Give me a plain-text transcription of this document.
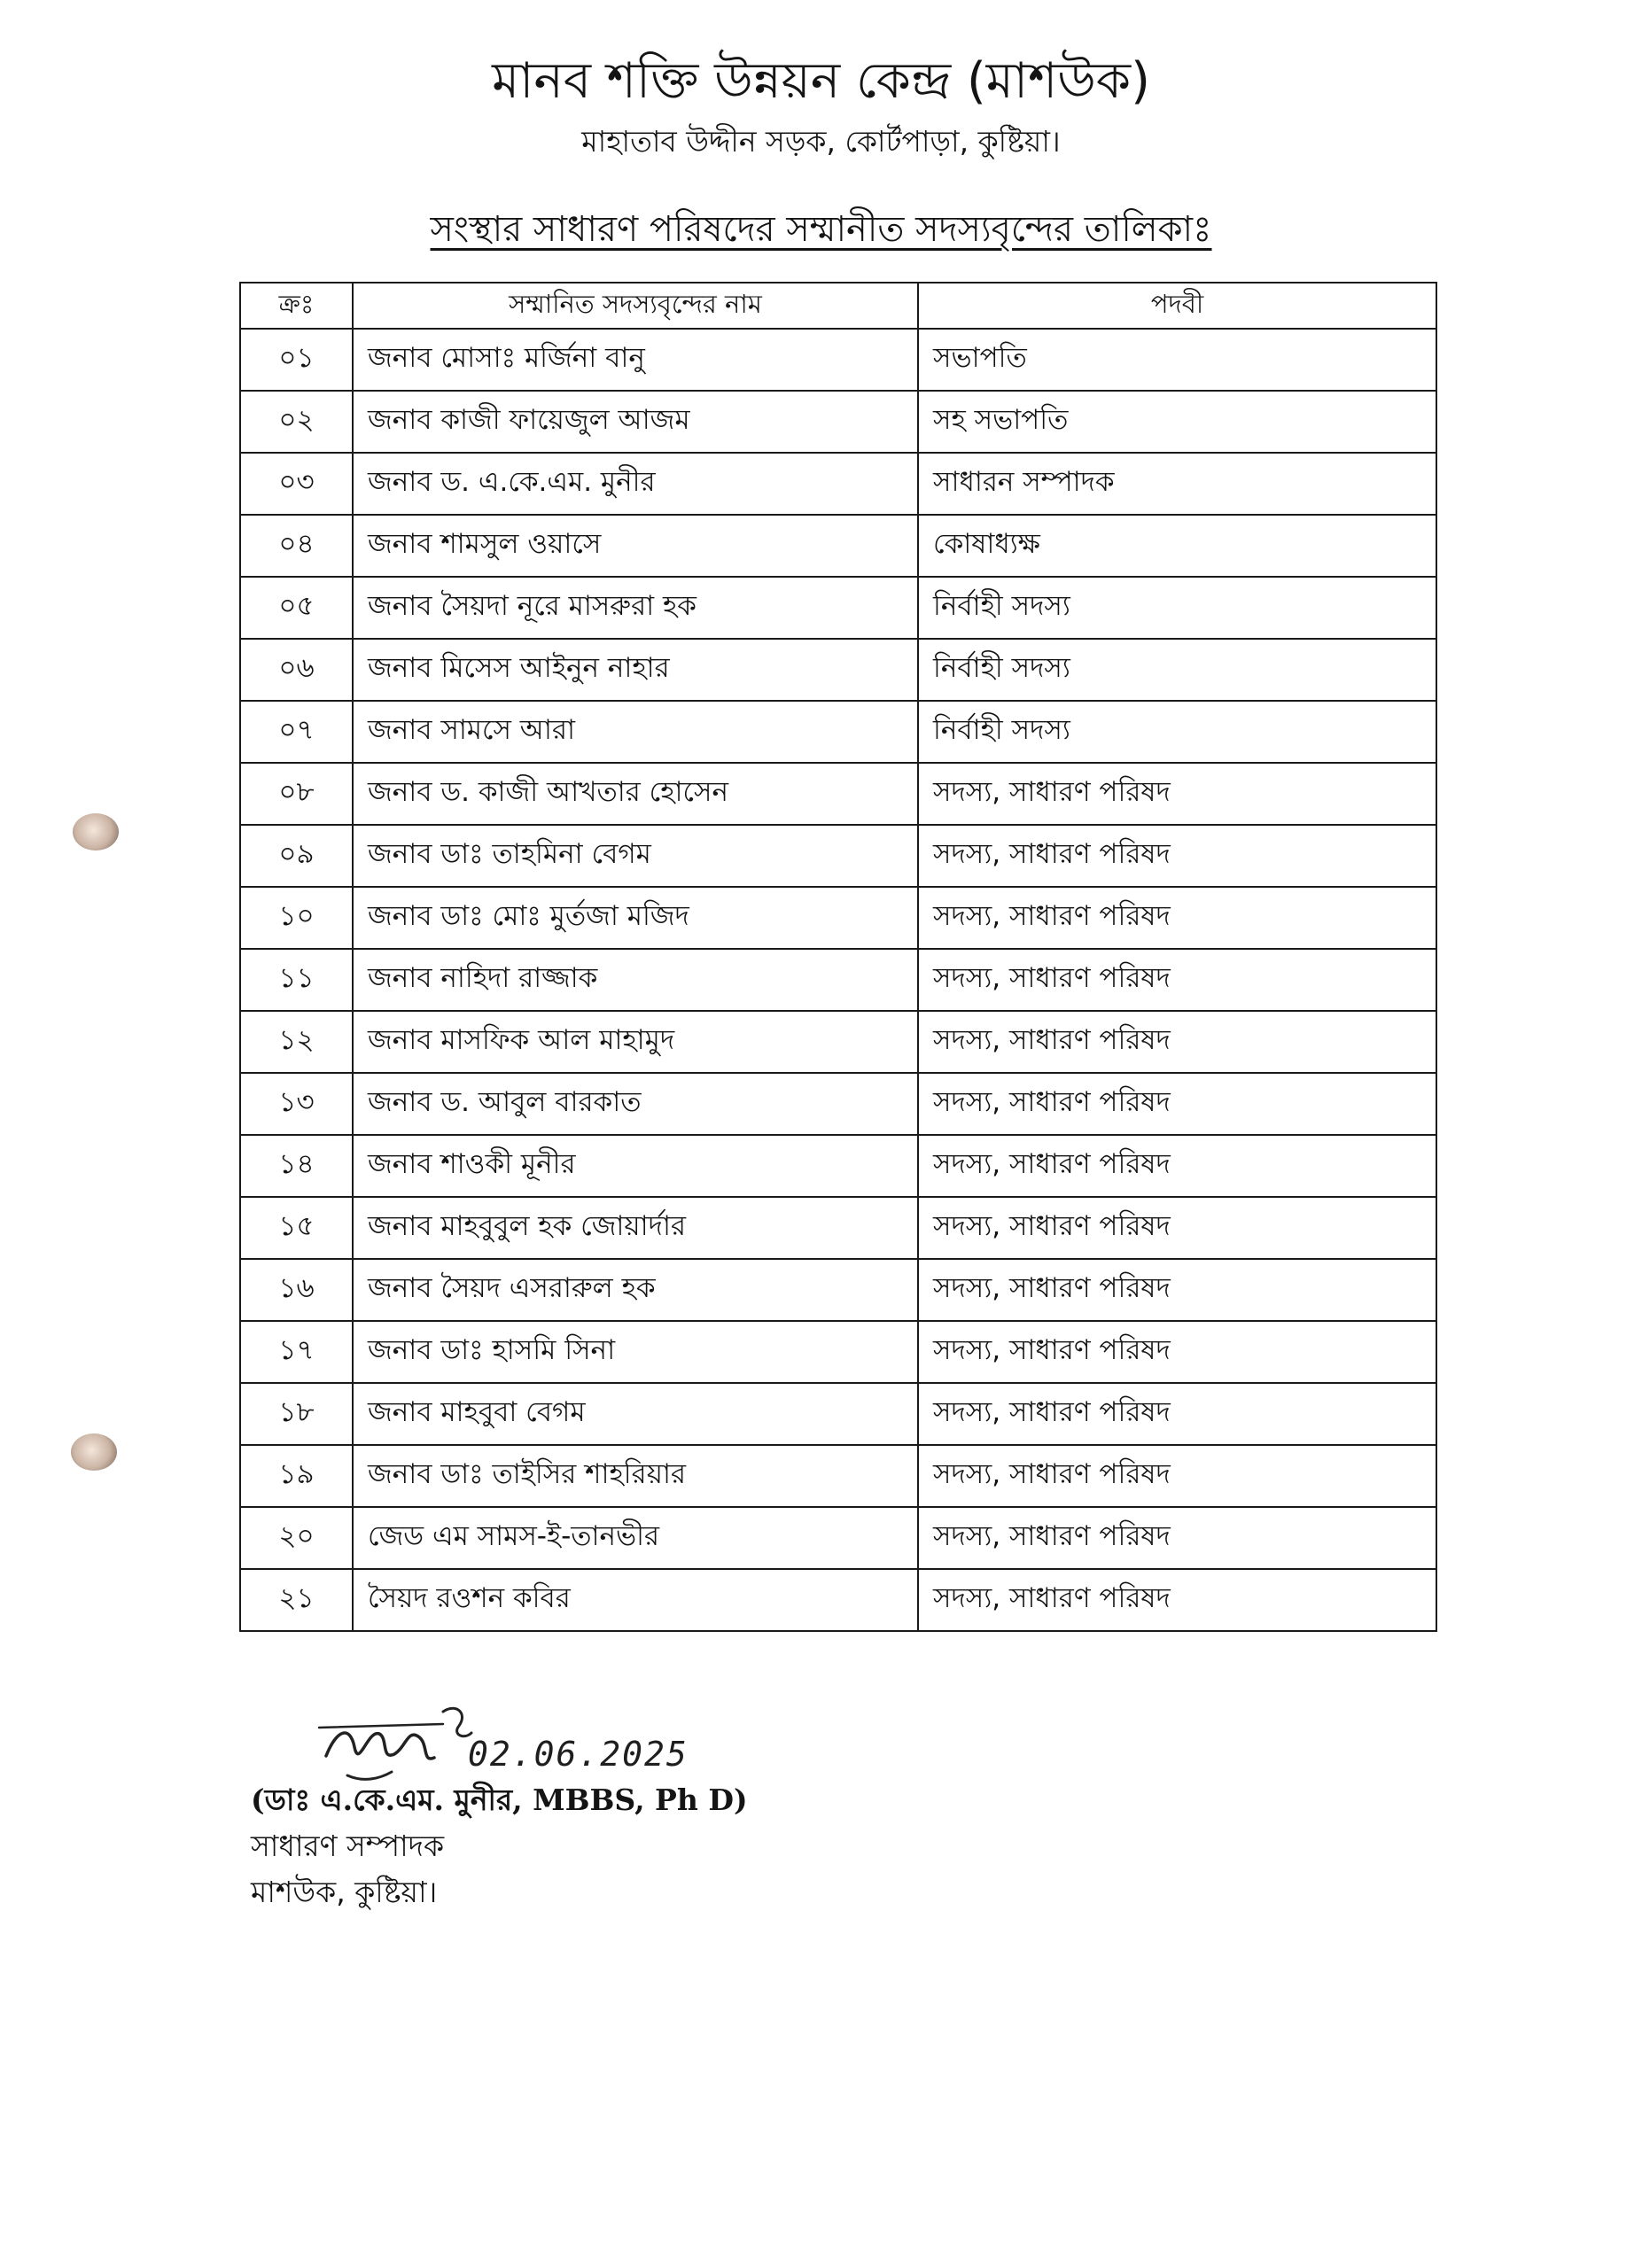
মানব শক্তি উন্নয়ন কেন্দ্র (মাশউক)

মাহাতাব উদ্দীন সড়ক, কোর্টপাড়া, কুষ্টিয়া।

সংস্থার সাধারণ পরিষদের সম্মানীত সদস্যবৃন্দের তালিকাঃ
ক্রঃ	সম্মানিত সদস্যবৃন্দের নাম	পদবী
০১	জনাব মোসাঃ মর্জিনা বানু	সভাপতি
০২	জনাব কাজী ফায়েজুল আজম	সহ সভাপতি
০৩	জনাব ড. এ.কে.এম. মুনীর	সাধারন সম্পাদক
০৪	জনাব শামসুল ওয়াসে	কোষাধ্যক্ষ
০৫	জনাব সৈয়দা নূরে মাসরুরা হক	নির্বাহী সদস্য
০৬	জনাব মিসেস আইনুন নাহার	নির্বাহী সদস্য
০৭	জনাব সামসে আরা	নির্বাহী সদস্য
০৮	জনাব ড. কাজী আখতার হোসেন	সদস্য, সাধারণ পরিষদ
০৯	জনাব ডাঃ তাহমিনা বেগম	সদস্য, সাধারণ পরিষদ
১০	জনাব ডাঃ মোঃ মুর্তজা মজিদ	সদস্য, সাধারণ পরিষদ
১১	জনাব নাহিদা রাজ্জাক	সদস্য, সাধারণ পরিষদ
১২	জনাব মাসফিক আল মাহামুদ	সদস্য, সাধারণ পরিষদ
১৩	জনাব ড. আবুল বারকাত	সদস্য, সাধারণ পরিষদ
১৪	জনাব শাওকী মূনীর	সদস্য, সাধারণ পরিষদ
১৫	জনাব মাহবুবুল হক জোয়ার্দার	সদস্য, সাধারণ পরিষদ
১৬	জনাব সৈয়দ এসরারুল হক	সদস্য, সাধারণ পরিষদ
১৭	জনাব ডাঃ হাসমি সিনা	সদস্য, সাধারণ পরিষদ
১৮	জনাব মাহবুবা বেগম	সদস্য, সাধারণ পরিষদ
১৯	জনাব ডাঃ তাইসির শাহরিয়ার	সদস্য, সাধারণ পরিষদ
২০	জেড এম সামস-ই-তানভীর	সদস্য, সাধারণ পরিষদ
২১	সৈয়দ রওশন কবির	সদস্য, সাধারণ পরিষদ
02.06.2025
(ডাঃ এ.কে.এম. মুনীর, MBBS, Ph D)
সাধারণ সম্পাদক
মাশউক, কুষ্টিয়া।
